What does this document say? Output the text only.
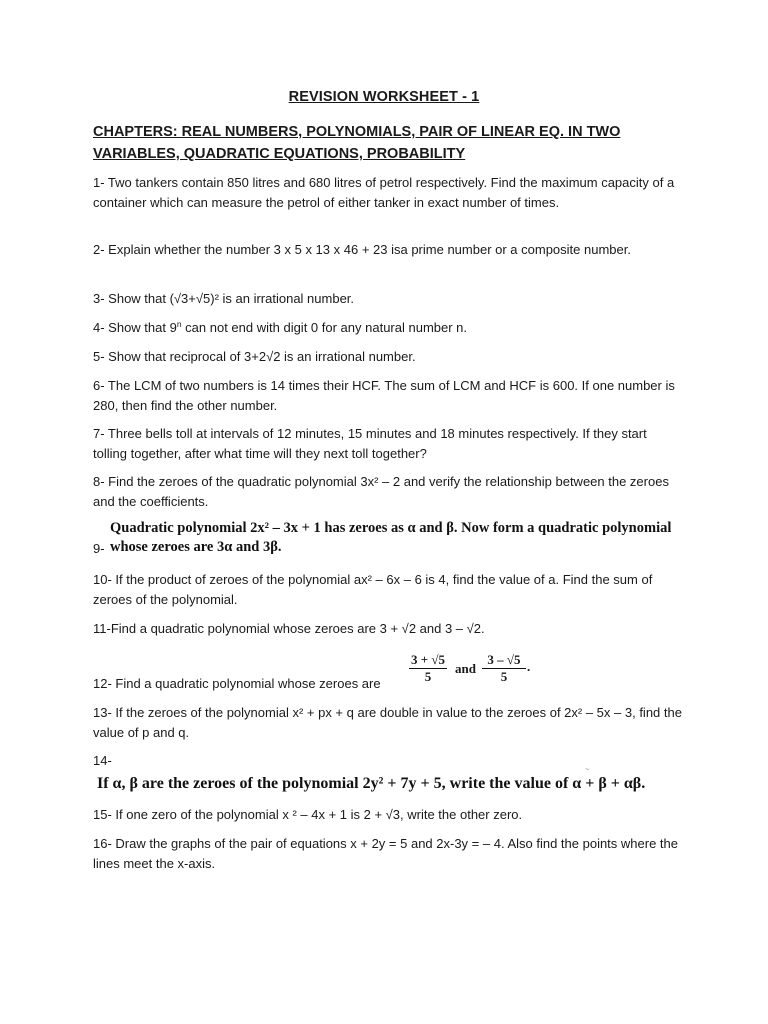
REVISION WORKSHEET - 1
CHAPTERS: REAL NUMBERS, POLYNOMIALS, PAIR OF LINEAR EQ. IN TWO VARIABLES, QUADRATIC EQUATIONS, PROBABILITY
1- Two tankers contain 850 litres and 680 litres of petrol respectively. Find the maximum capacity of a container which can measure the petrol of either tanker in exact number of times.
2- Explain whether the number 3 x 5 x 13 x 46 + 23 isa prime number or a composite number.
3- Show that (√3+√5)² is an irrational number.
4- Show that 9$^n$ can not end with digit 0 for any natural number n.
5- Show that reciprocal of 3+2√2 is an irrational number.
6- The LCM of two numbers is 14 times their HCF. The sum of LCM and HCF is 600. If one number is 280, then find the other number.
7- Three bells toll at intervals of 12 minutes, 15 minutes and 18 minutes respectively. If they start tolling together, after what time will they next toll together?
8- Find the zeroes of the quadratic polynomial 3x² – 2 and verify the relationship between the zeroes and the coefficients.
Quadratic polynomial 2x² – 3x + 1 has zeroes as α and β. Now form a quadratic polynomial whose zeroes are 3α and 3β.
9-
10- If the product of zeroes of the polynomial ax² – 6x – 6 is 4, find the value of a. Find the sum of zeroes of the polynomial.
11-Find a quadratic polynomial whose zeroes are 3 + √2 and 3 – √2.
3 + √5
5
and
3 – √5
5
.
12- Find a quadratic polynomial whose zeroes are
13- If the zeroes of the polynomial x² + px + q are double in value to the zeroes of 2x² – 5x – 3, find the value of p and q.
14-
~
If α, β are the zeroes of the polynomial 2y² + 7y + 5, write the value of α + β + αβ.
15- If one zero of the polynomial x ² – 4x + 1 is 2 + √3, write the other zero.
16- Draw the graphs of the pair of equations x + 2y = 5 and 2x-3y = – 4. Also find the points where the lines meet the x-axis.
